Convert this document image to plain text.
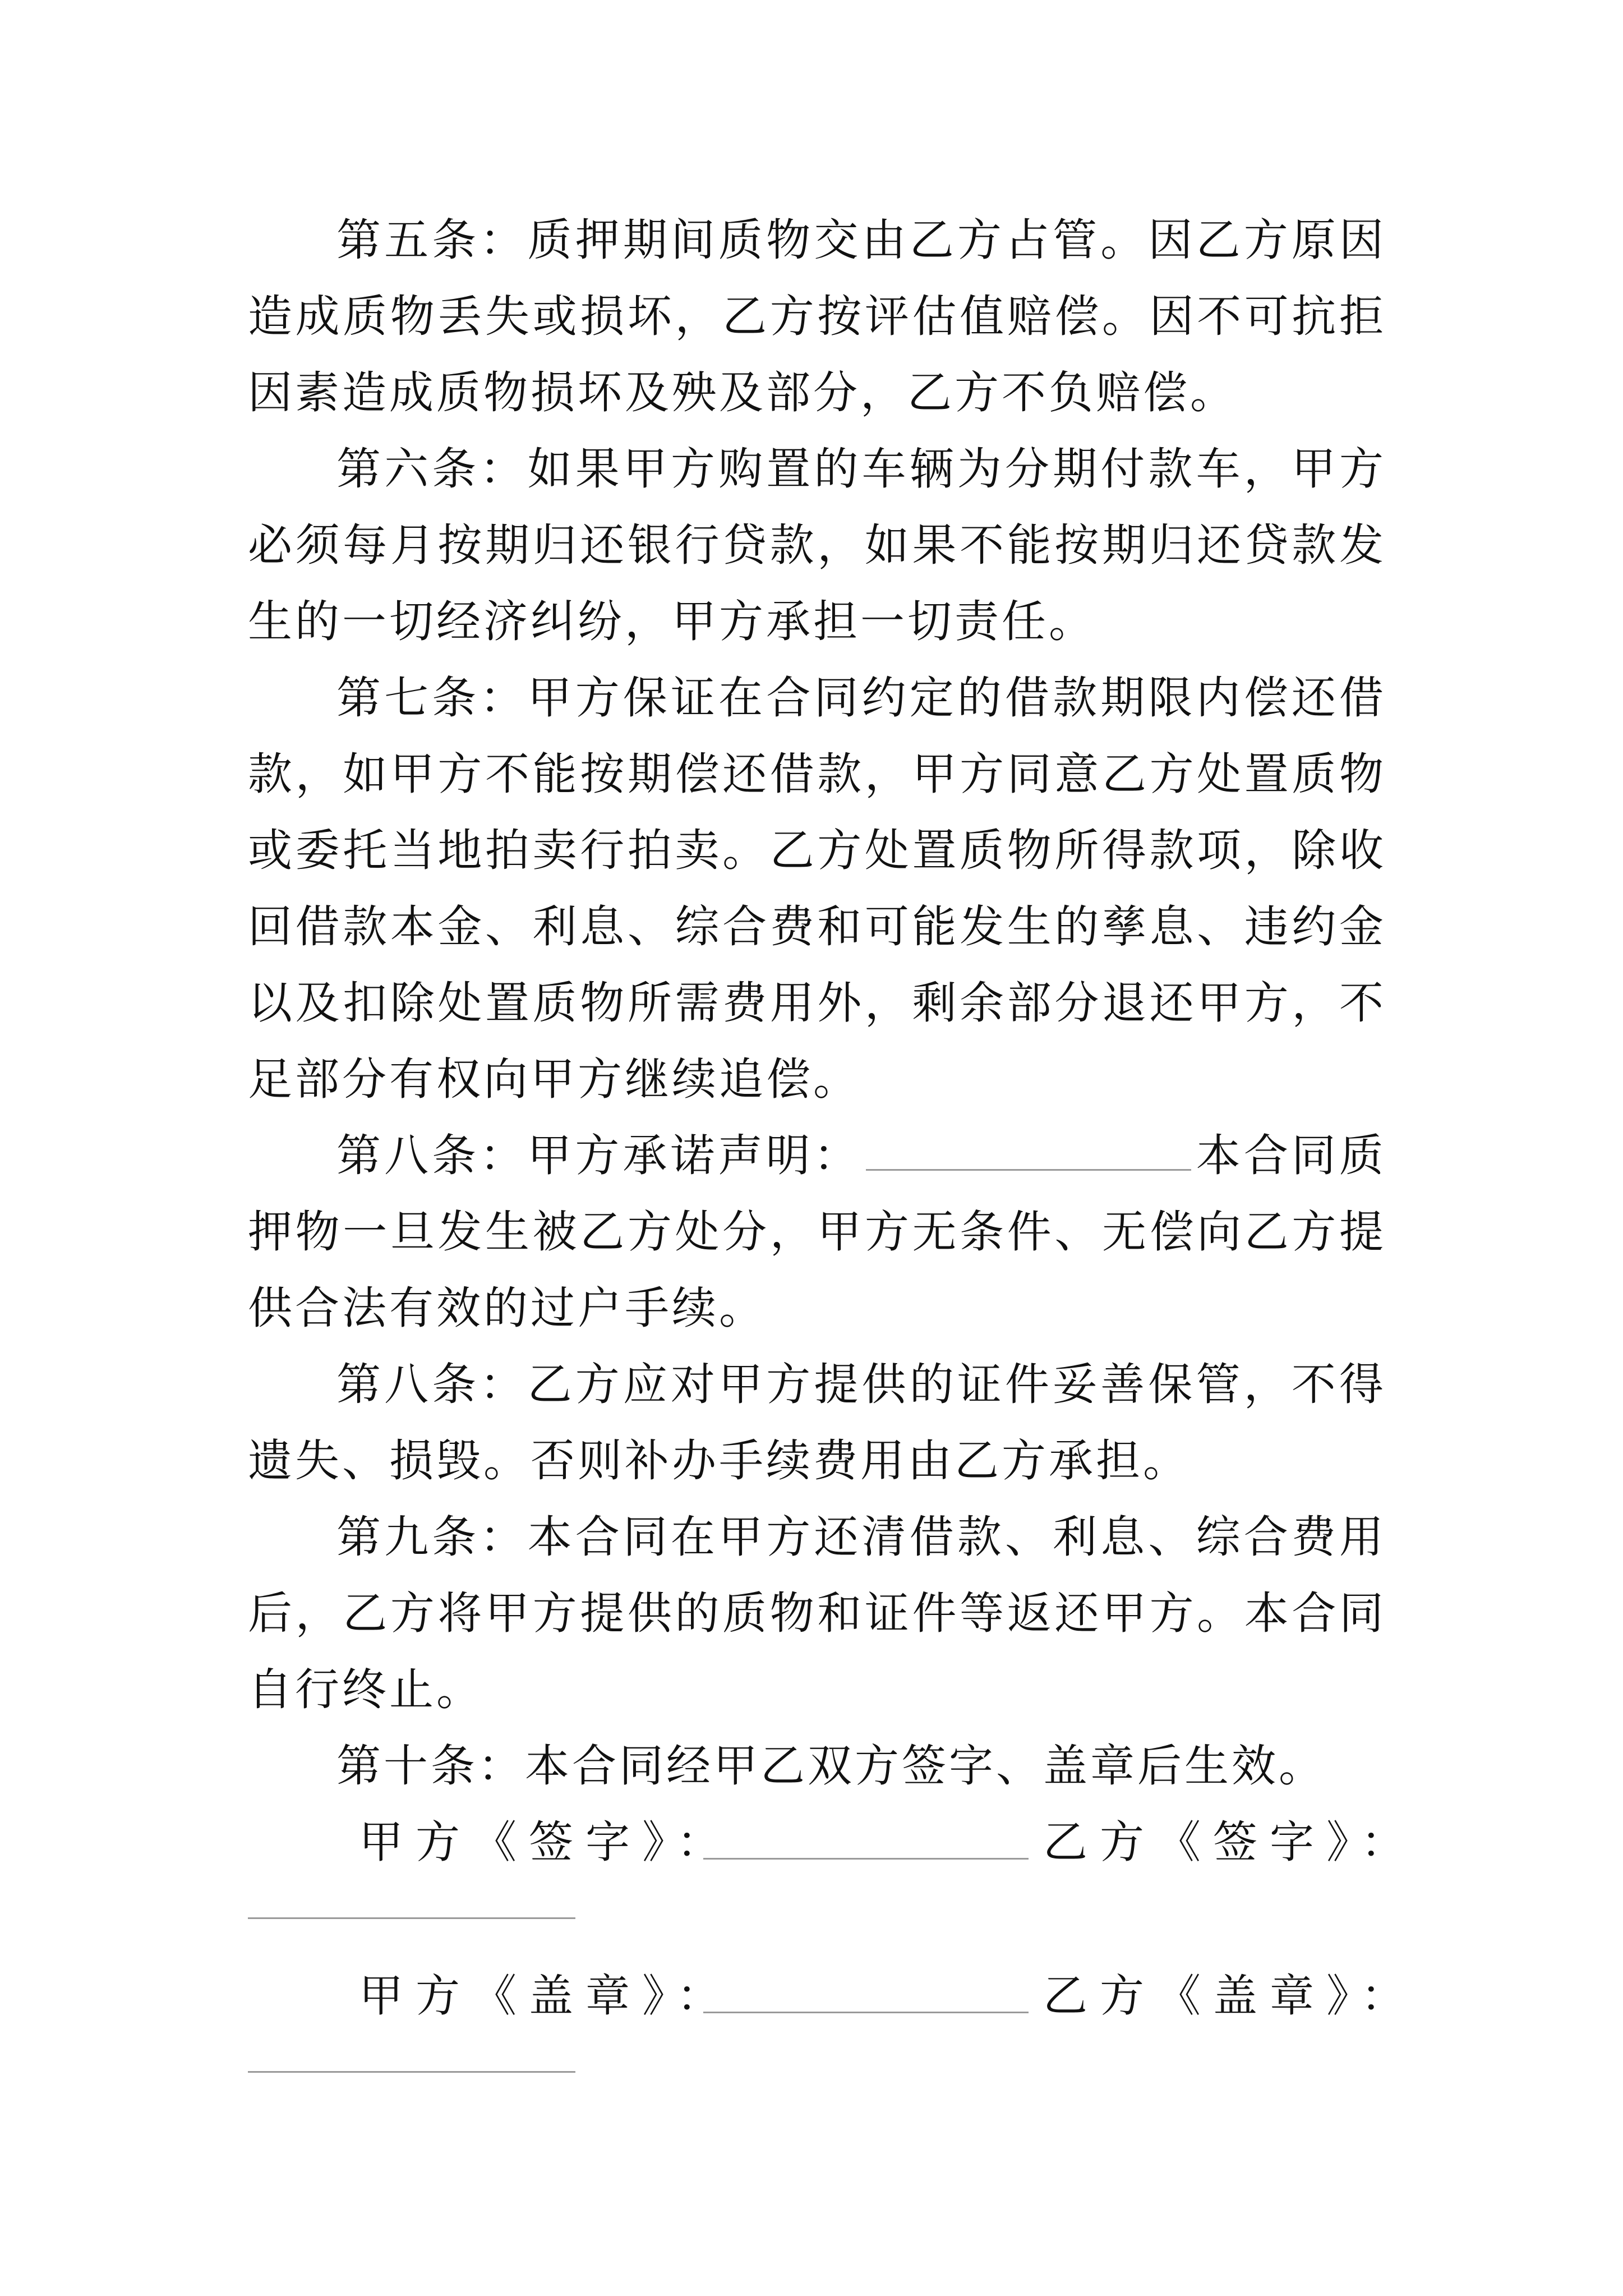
第五条：质押期间质物交由乙方占管。因乙方原因造成质物丢失或损坏，乙方按评估值赔偿。因不可抗拒因素造成质物损坏及殃及部分，乙方不负赔偿。

第六条：如果甲方购置的车辆为分期付款车，甲方必须每月按期归还银行贷款，如果不能按期归还贷款发生的一切经济纠纷，甲方承担一切责任。

第七条：甲方保证在合同约定的借款期限内偿还借款，如甲方不能按期偿还借款，甲方同意乙方处置质物或委托当地拍卖行拍卖。乙方处置质物所得款项，除收回借款本金、利息、综合费和可能发生的孳息、违约金以及扣除处置质物所需费用外，剩余部分退还甲方，不足部分有权向甲方继续追偿。

第八条：甲方承诺声明：	本合同质押物一旦发生被乙方处分，甲方无条件、无偿向乙方提供合法有效的过户手续。

第八条：乙方应对甲方提供的证件妥善保管，不得遗失、损毁。否则补办手续费用由乙方承担。

第九条：本合同在甲方还清借款、利息、综合费用后，乙方将甲方提供的质物和证件等返还甲方。本合同自行终止。

第十条：本合同经甲乙双方签字、盖章后生效。

甲方《签字》：	乙方《签字》：
甲方《盖章》：	乙方《盖章》：
